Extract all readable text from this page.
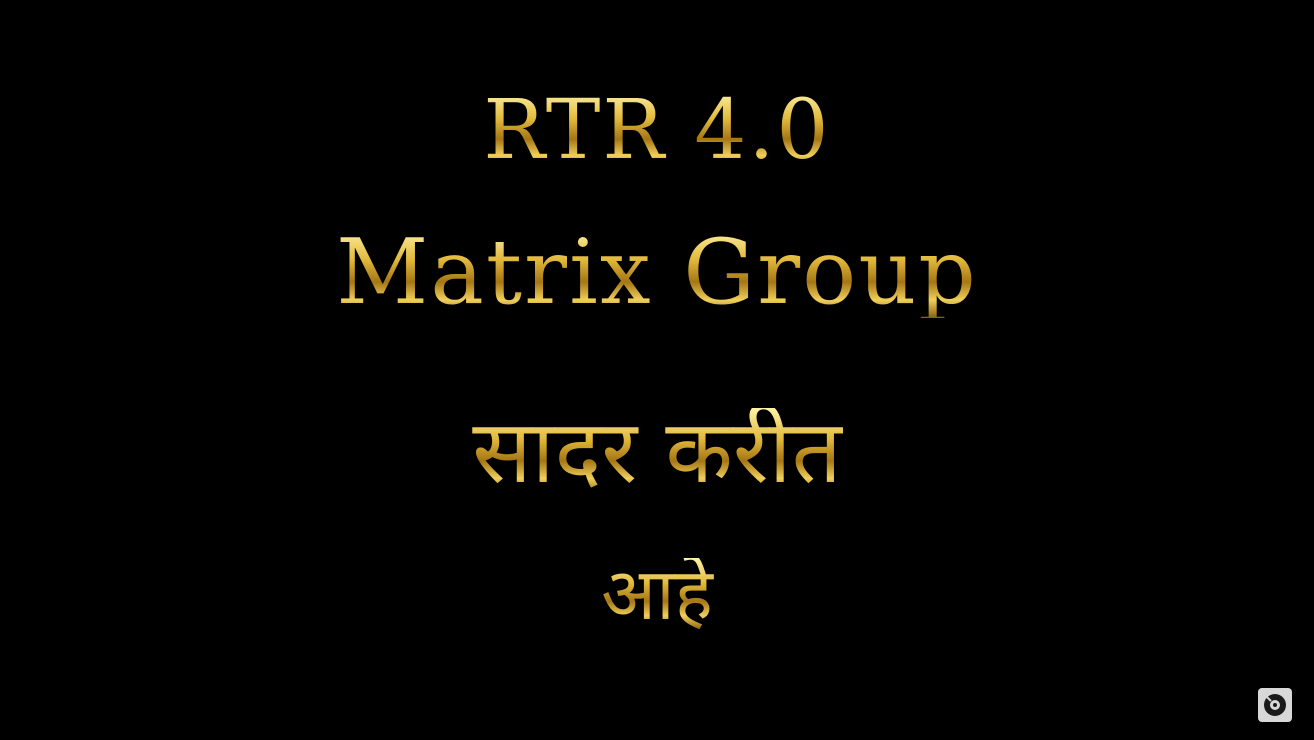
RTR 4.0
Matrix Group
सादर करीत
आहे
